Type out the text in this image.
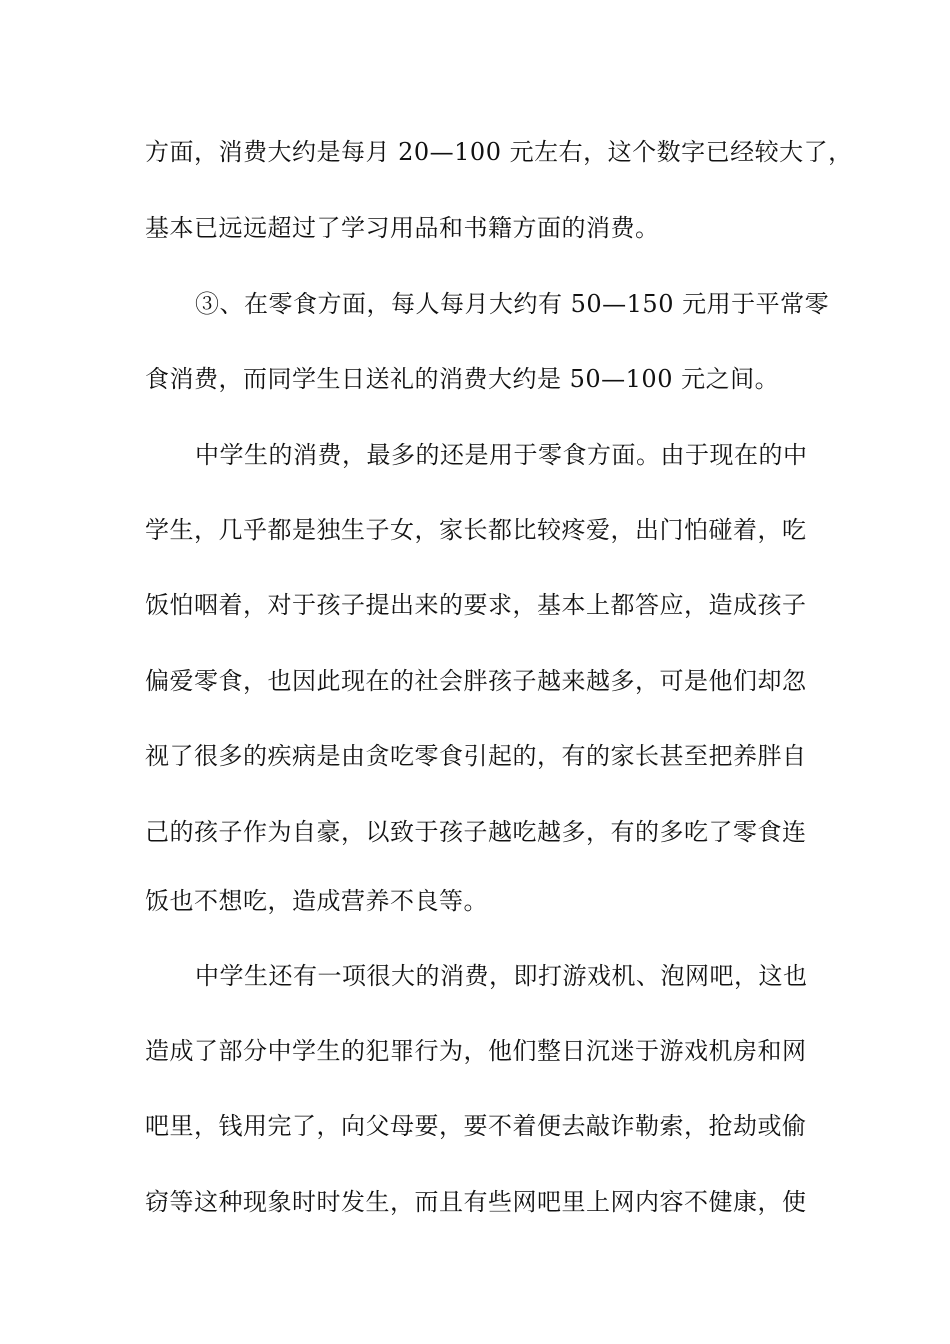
方面，消费大约是每月 20—100 元左右，这个数字已经较大了，
基本已远远超过了学习用品和书籍方面的消费。
③、在零食方面，每人每月大约有 50—150 元用于平常零
食消费，而同学生日送礼的消费大约是 50—100 元之间。
中学生的消费，最多的还是用于零食方面。由于现在的中
学生，几乎都是独生子女，家长都比较疼爱，出门怕碰着，吃
饭怕咽着，对于孩子提出来的要求，基本上都答应，造成孩子
偏爱零食，也因此现在的社会胖孩子越来越多，可是他们却忽
视了很多的疾病是由贪吃零食引起的，有的家长甚至把养胖自
己的孩子作为自豪，以致于孩子越吃越多，有的多吃了零食连
饭也不想吃，造成营养不良等。
中学生还有一项很大的消费，即打游戏机、泡网吧，这也
造成了部分中学生的犯罪行为，他们整日沉迷于游戏机房和网
吧里，钱用完了，向父母要，要不着便去敲诈勒索，抢劫或偷
窃等这种现象时时发生，而且有些网吧里上网内容不健康，使
